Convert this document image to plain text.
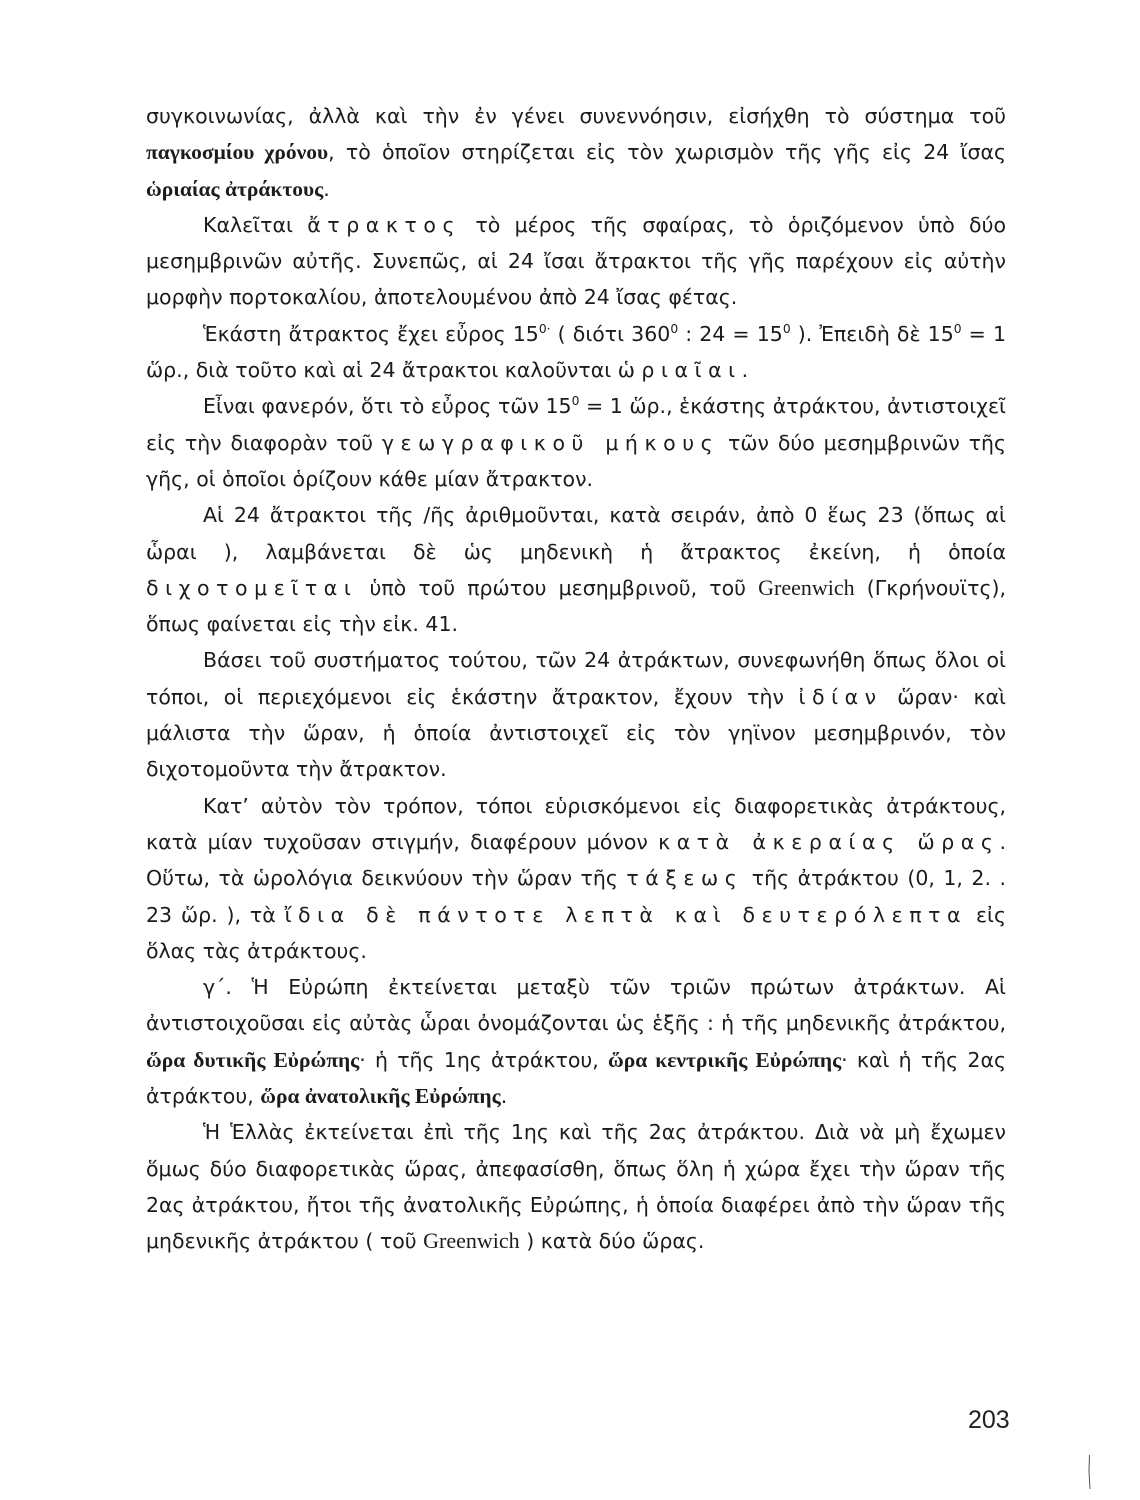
συγκοινωνίας, ἀλλὰ καὶ τὴν ἐν γένει συνεννόησιν, εἰσήχθη τὸ σύστημα τοῦ παγκοσμίου χρόνου, τὸ ὁποῖον στηρίζεται εἰς τὸν χωρισμὸν τῆς γῆς εἰς 24 ἴσας ὡριαίας ἀτράκτους.

Καλεῖται ἄτρακτος τὸ μέρος τῆς σφαίρας, τὸ ὁριζόμενον ὑπὸ δύο μεσημβρινῶν αὐτῆς. Συνεπῶς, αἱ 24 ἴσαι ἄτρακτοι τῆς γῆς παρέχουν εἰς αὐτὴν μορφὴν πορτοκαλίου, ἀποτελουμένου ἀπὸ 24 ἴσας φέτας.

Ἑκάστη ἄτρακτος ἔχει εὖρος $15^{0\cdot}$ ( διότι $360^0$ : $24 = 15^0$ ). Ἐπειδὴ δὲ $15^0 = 1$ ὥρ., διὰ τοῦτο καὶ αἱ 24 ἄτρακτοι καλοῦνται ὡριαῖαι.

Εἶναι φανερόν, ὅτι τὸ εὖρος τῶν $15^0 = 1$ ὥρ., ἑκάστης ἀτράκτου, ἀντιστοιχεῖ εἰς τὴν διαφορὰν τοῦ γεωγραφικοῦ μήκους τῶν δύο μεσημβρινῶν τῆς γῆς, οἱ ὁποῖοι ὁρίζουν κάθε μίαν ἄτρακτον.

Αἱ 24 ἄτρακτοι τῆς /ῆς ἀριθμοῦνται, κατὰ σειράν, ἀπὸ 0 ἕως 23 (ὅπως αἱ ὧραι ), λαμβάνεται δὲ ὡς μηδενικὴ ἡ ἄτρακτος ἐκείνη, ἡ ὁποία διχοτομεῖται ὑπὸ τοῦ πρώτου μεσημβρινοῦ, τοῦ Greenwich (Γκρήνουϊτς), ὅπως φαίνεται εἰς τὴν εἰκ. 41.

Βάσει τοῦ συστήματος τούτου, τῶν 24 ἀτράκτων, συνεφωνήθη ὅπως ὅλοι οἱ τόποι, οἱ περιεχόμενοι εἰς ἑκάστην ἄτρακτον, ἔχουν τὴν ἰδίαν ὥραν· καὶ μάλιστα τὴν ὥραν, ἡ ὁποία ἀντιστοιχεῖ εἰς τὸν γηϊνον μεσημβρινόν, τὸν διχοτομοῦντα τὴν ἄτρακτον.

Κατ’ αὐτὸν τὸν τρόπον, τόποι εὑρισκόμενοι εἰς διαφορετικὰς ἀτράκτους, κατὰ μίαν τυχοῦσαν στιγμήν, διαφέρουν μόνον κατὰ ἀκεραίας ὥρας. Οὕτω, τὰ ὡρολόγια δεικνύουν τὴν ὥραν τῆς τάξεως τῆς ἀτράκτου (0, 1, 2. . 23 ὥρ. ), τὰ ἴδια δὲ πάντοτε λεπτὰ καὶ δευτερόλεπτα εἰς ὅλας τὰς ἀτράκτους.

γ΄. Ἡ Εὐρώπη ἐκτείνεται μεταξὺ τῶν τριῶν πρώτων ἀτράκτων. Αἱ ἀντιστοιχοῦσαι εἰς αὐτὰς ὧραι ὀνομάζονται ὡς ἑξῆς : ἡ τῆς μηδενικῆς ἀτράκτου, ὥρα δυτικῆς Εὐρώπης· ἡ τῆς 1ης ἀτράκτου, ὥρα κεντρικῆς Εὐρώπης· καὶ ἡ τῆς 2ας ἀτράκτου, ὥρα ἀνατολικῆς Εὐρώπης.

Ἡ Ἑλλὰς ἐκτείνεται ἐπὶ τῆς 1ης καὶ τῆς 2ας ἀτράκτου. Διὰ νὰ μὴ ἔχωμεν ὅμως δύο διαφορετικὰς ὥρας, ἀπεφασίσθη, ὅπως ὅλη ἡ χώρα ἔχει τὴν ὥραν τῆς 2ας ἀτράκτου, ἤτοι τῆς ἀνατολικῆς Εὐρώπης, ἡ ὁποία διαφέρει ἀπὸ τὴν ὥραν τῆς μηδενικῆς ἀτράκτου ( τοῦ Greenwich ) κατὰ δύο ὥρας.

203
